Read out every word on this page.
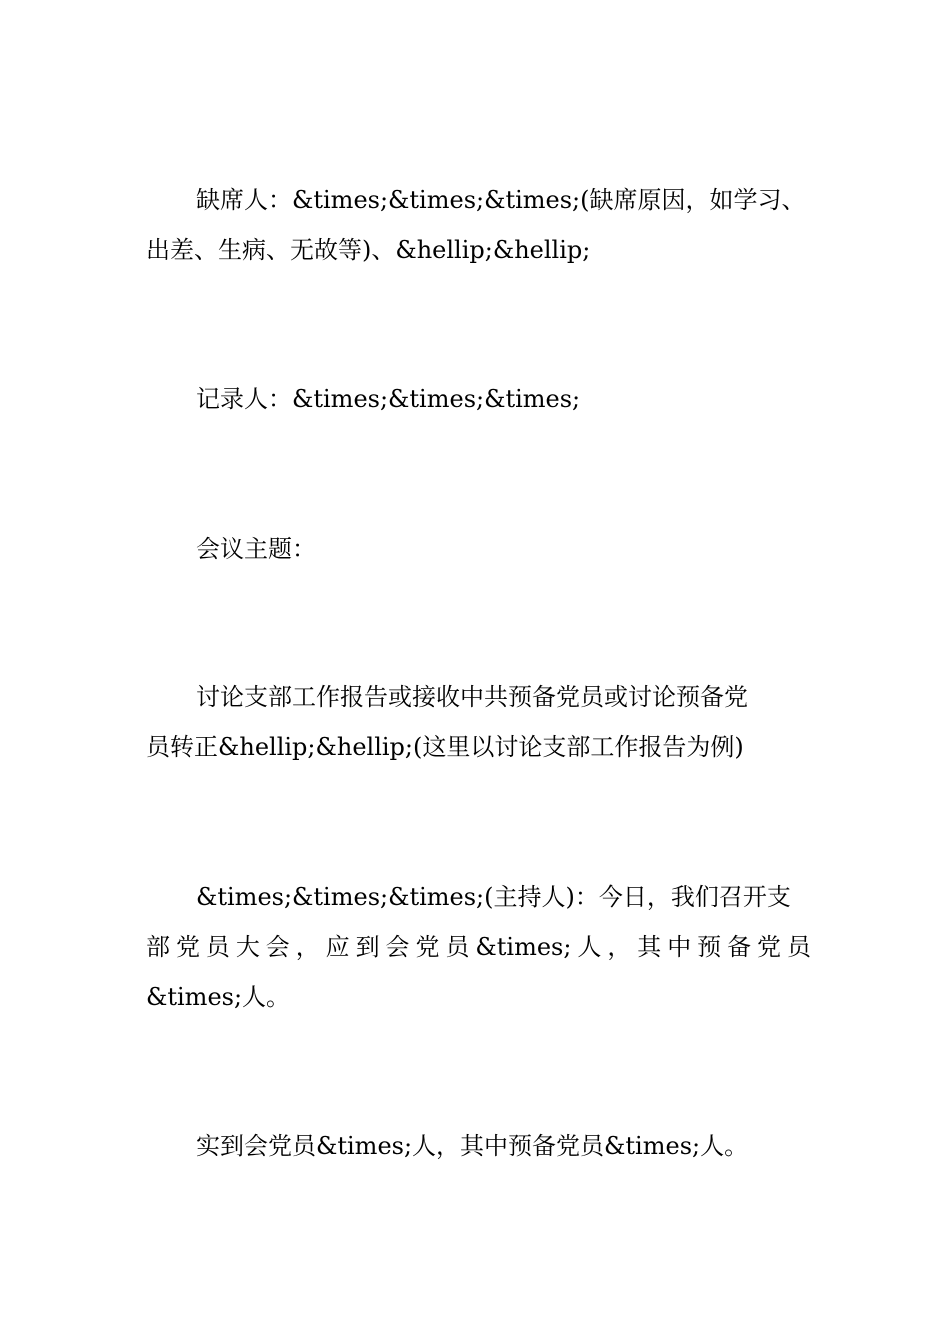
缺席人：&times;&times;&times;(缺席原因，如学习、
出差、生病、无故等)、&hellip;&hellip;
记录人：&times;&times;&times;
会议主题：
讨论支部工作报告或接收中共预备党员或讨论预备党
员转正&hellip;&hellip;(这里以讨论支部工作报告为例)
&times;&times;&times;(主持人)：今日，我们召开支
部党员大会，应到会党员&times;人，其中预备党员
&times;人。
实到会党员&times;人，其中预备党员&times;人。
